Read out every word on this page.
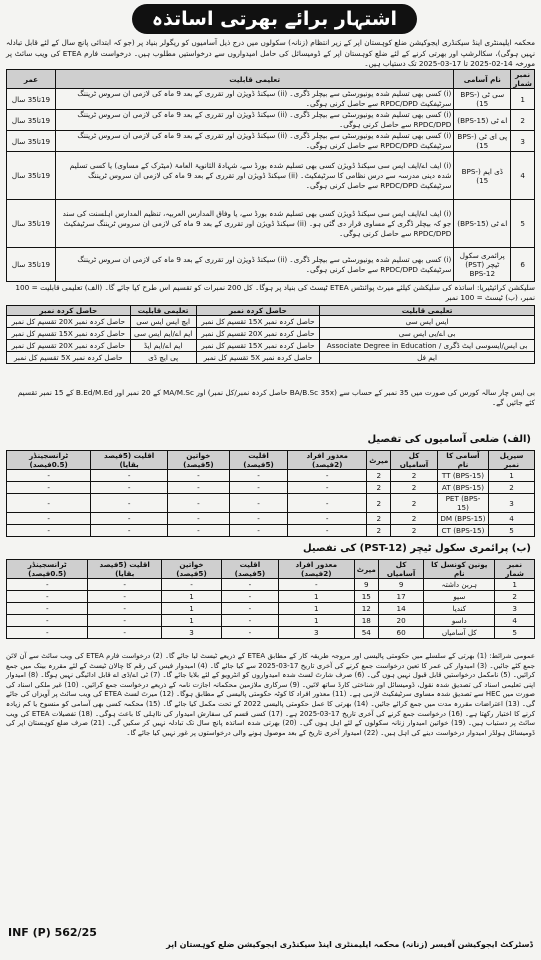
اشتہار برائے بھرتی اساتذہ
محکمہ ایلیمنٹری اینڈ سیکنڈری ایجوکیشن ضلع کوہستان اپر کے زیر انتظام (زنانہ) سکولوں میں درج ذیل آسامیوں کو ریگولر بنیاد پر (جو کہ ابتدائی پانچ سال کے لئے قابل تبادلہ نہیں ہوگی)، سکالرشپ اور بھرتی کرنے کے لئے ضلع کوہستان اپر کے ڈومیسائل کی حامل امیدواروں سے درخواستیں مطلوب ہیں۔ درخواست فارم ETEA کی ویب سائٹ پر مورخہ 14-02-2025 تا 17-03-2025 تک دستیاب ہیں۔
نمبر شمار	نام آسامی	تعلیمی قابلیت	عمر
1	سی ٹی (BPS-15)	(i) کسی بھی تسلیم شدہ یونیورسٹی سے بیچلر ڈگری۔ (ii) سیکنڈ ڈویژن اور تقرری کے بعد 9 ماہ کی لازمی ان سروس ٹریننگ سرٹیفکیٹ RPDC/DPD سے حاصل کرنی ہوگی۔	19تا35 سال
2	اے ٹی (BPS-15)	(i) کسی بھی تسلیم شدہ یونیورسٹی سے بیچلر ڈگری۔ (ii) سیکنڈ ڈویژن اور تقرری کے بعد 9 ماہ کی لازمی ان سروس ٹریننگ RPDC/DPD سے حاصل کرنی ہوگی۔	19تا35 سال
3	پی ای ٹی (BPS-15)	(i) کسی بھی تسلیم شدہ یونیورسٹی سے بیچلر ڈگری۔ (ii) سیکنڈ ڈویژن اور تقرری کے بعد 9 ماہ کی لازمی ان سروس ٹریننگ سرٹیفکیٹ RPDC/DPD سے حاصل کرنی ہوگی۔	19تا35 سال
4	ڈی ایم (BPS-15)	(i) ایف اے/ایف ایس سی سیکنڈ ڈویژن کسی بھی تسلیم شدہ بورڈ سے، شہادۃ الثانویۃ العامۃ (میٹرک کے مساوی) یا کسی تسلیم شدہ دینی مدرسہ سے درس نظامی کا سرٹیفکیٹ۔ (ii) سیکنڈ ڈویژن اور تقرری کے بعد 9 ماہ کی لازمی ان سروس ٹریننگ سرٹیفکیٹ RPDC/DPD سے حاصل کرنی ہوگی۔	19تا35 سال
5	اے ٹی (BPS-15)	(i) ایف اے/ایف ایس سی سیکنڈ ڈویژن کسی بھی تسلیم شدہ بورڈ سے، یا وفاق المدارس العربیہ، تنظیم المدارس اہلسنت کی سند جو کہ بیچلر ڈگری کے مساوی قرار دی گئی ہو۔ (ii) سیکنڈ ڈویژن اور تقرری کے بعد 9 ماہ کی لازمی ان سروس ٹریننگ سرٹیفکیٹ RPDC/DPD سے حاصل کرنی ہوگی۔	19تا35 سال
6	پرائمری سکول ٹیچر (PST) BPS-12	(i) کسی بھی تسلیم شدہ یونیورسٹی سے بیچلر ڈگری۔ (ii) سیکنڈ ڈویژن اور تقرری کے بعد 9 ماہ کی لازمی ان سروس ٹریننگ سرٹیفکیٹ RPDC/DPD سے حاصل کرنی ہوگی۔	19تا35 سال
سلیکشن کرائیٹیریا: اساتذہ کی سلیکشن کیلئے میرٹ پوائنٹس ETEA ٹیسٹ کی بنیاد پر ہوگا۔ کل 200 نمبرات کو تقسیم اس طرح کیا جائے گا۔ (الف) تعلیمی قابلیت = 100 نمبر، (ب) ٹیسٹ = 100 نمبر
تعلیمی قابلیت	حاصل کردہ نمبر	تعلیمی قابلیت	حاصل کردہ نمبر
ایس ایس سی	حاصل کردہ نمبر 15X تقسیم کل نمبر	ایچ ایس ایس سی	حاصل کردہ نمبر 20X تقسیم کل نمبر
بی اے/بی ایس سی	حاصل کردہ نمبر 20X تقسیم کل نمبر	ایم اے/ایم ایس سی	حاصل کردہ نمبر 15X تقسیم کل نمبر
بی ایس/ایسوسی ایٹ ڈگری / Associate Degree in Education	حاصل کردہ نمبر 15X تقسیم کل نمبر	ایم اے/ایم ایڈ	حاصل کردہ نمبر 20X تقسیم کل نمبر
ایم فل	حاصل کردہ نمبر 5X تقسیم کل نمبر	پی ایچ ڈی	حاصل کردہ نمبر 5X تقسیم کل نمبر
بی ایس چار سالہ کورس کی صورت میں 35 نمبر کے حساب سے (BA/B.Sc 35x حاصل کردہ نمبر/کل نمبر) اور MA/M.Sc کے 20 نمبر اور B.Ed/M.Ed کے 15 نمبر تقسیم کئے جائیں گے۔
(الف) ضلعی آسامیوں کی تفصیل
سیریل نمبر	آسامی کا نام	کل آسامیاں	میرٹ	معذور افراد (2فیصد)	اقلیت (5فیصد)	خواتین (5فیصد)	اقلیت (5فیصد بقایا)	ٹرانسجینڈر (0.5فیصد)
1	TT (BPS-15)	2	2	-	-	-	-	-
2	AT (BPS-15)	2	2	-	-	-	-	-
3	PET (BPS-15)	2	2	-	-	-	-	-
4	DM (BPS-15)	2	2	-	-	-	-	-
5	CT (BPS-15)	2	2	-	-	-	-	-
(ب) پرائمری سکول ٹیچر (PST-12) کی تفصیل
نمبر شمار	یونین کونسل کا نام	کل آسامیاں	میرٹ	معذور افراد (2فیصد)	اقلیت (5فیصد)	خواتین (5فیصد)	اقلیت (5فیصد بقایا)	ٹرانسجینڈر (0.5فیصد)
1	ہربن داشتہ	9	9	-	-	-	-	-
2	سیو	17	15	1	-	1	-	-
3	کندیا	14	12	1	-	1	-	-
4	داسو	20	18	1	-	1	-	-
5	کل آسامیاں	60	54	3	-	3	-	-
عمومی شرائط: (1) بھرتی کے سلسلے میں حکومتی پالیسی اور مروجہ طریقہ کار کے مطابق ETEA کے ذریعے ٹیسٹ لیا جائے گا۔ (2) درخواست فارم ETEA کی ویب سائٹ سے آن لائن جمع کئے جائیں۔ (3) امیدوار کی عمر کا تعین درخواست جمع کرنے کی آخری تاریخ 17-03-2025 سے کیا جائے گا۔ (4) امیدوار فیس کی رقم کا چالان ٹیسٹ کے لئے مقررہ بینک میں جمع کرائیں۔ (5) نامکمل درخواستیں قابل قبول نہیں ہوں گی۔ (6) صرف شارٹ لسٹ شدہ امیدواروں کو انٹرویو کے لئے بلایا جائے گا۔ (7) ٹی اے/ڈی اے قابل ادائیگی نہیں ہوگا۔ (8) امیدوار اپنی تعلیمی اسناد کی تصدیق شدہ نقول، ڈومیسائل اور شناختی کارڈ ساتھ لائیں۔ (9) سرکاری ملازمین محکمانہ اجازت نامہ کے ذریعے درخواست جمع کرائیں۔ (10) غیر ملکی اسناد کی صورت میں HEC سے تصدیق شدہ مساوی سرٹیفکیٹ لازمی ہے۔ (11) معذور افراد کا کوٹہ حکومتی پالیسی کے مطابق ہوگا۔ (12) میرٹ لسٹ ETEA کی ویب سائٹ پر آویزاں کی جائے گی۔ (13) اعتراضات مقررہ مدت میں جمع کرائے جائیں۔ (14) بھرتی کا عمل حکومتی پالیسی 2022 کے تحت مکمل کیا جائے گا۔ (15) محکمہ کسی بھی آسامی کو منسوخ یا کم زیادہ کرنے کا اختیار رکھتا ہے۔ (16) درخواست جمع کرنے کی آخری تاریخ 17-03-2025 ہے۔ (17) کسی قسم کی سفارش امیدوار کی نااہلی کا باعث ہوگی۔ (18) تفصیلات ETEA کی ویب سائٹ پر دستیاب ہیں۔ (19) خواتین امیدوار زنانہ سکولوں کے لئے اہل ہوں گی۔ (20) بھرتی شدہ اساتذہ پانچ سال تک تبادلہ نہیں کر سکیں گی۔ (21) صرف ضلع کوہستان اپر کی ڈومیسائل ہولڈر امیدوار درخواست دینے کی اہل ہیں۔ (22) امیدوار آخری تاریخ کے بعد موصول ہونے والی درخواستوں پر غور نہیں کیا جائے گا۔
INF (P) 562/25
ڈسٹرکٹ ایجوکیشن آفیسر (زنانہ) محکمہ ایلیمنٹری اینڈ سیکنڈری ایجوکیشن ضلع کوہستان اپر
